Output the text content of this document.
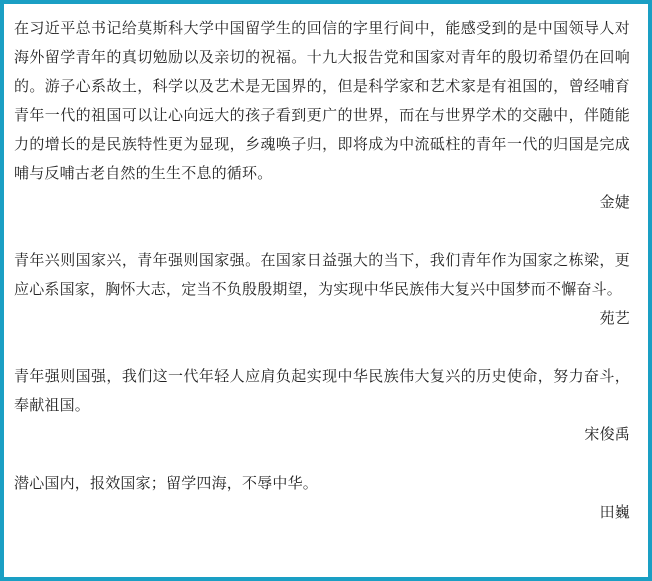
在习近平总书记给莫斯科大学中国留学生的回信的字里行间中，能感受到的是中国领导人对海外留学青年的真切勉励以及亲切的祝福。十九大报告党和国家对青年的殷切希望仍在回响的。游子心系故土，科学以及艺术是无国界的，但是科学家和艺术家是有祖国的，曾经哺育青年一代的祖国可以让心向远大的孩子看到更广的世界，而在与世界学术的交融中，伴随能力的增长的是民族特性更为显现，乡魂唤子归，即将成为中流砥柱的青年一代的归国是完成哺与反哺古老自然的生生不息的循环。

金婕

青年兴则国家兴，青年强则国家强。在国家日益强大的当下，我们青年作为国家之栋梁，更应心系国家，胸怀大志，定当不负殷殷期望，为实现中华民族伟大复兴中国梦而不懈奋斗。

苑艺

青年强则国强，我们这一代年轻人应肩负起实现中华民族伟大复兴的历史使命，努力奋斗，奉献祖国。

宋俊禹

潜心国内，报效国家；留学四海，不辱中华。

田巍
